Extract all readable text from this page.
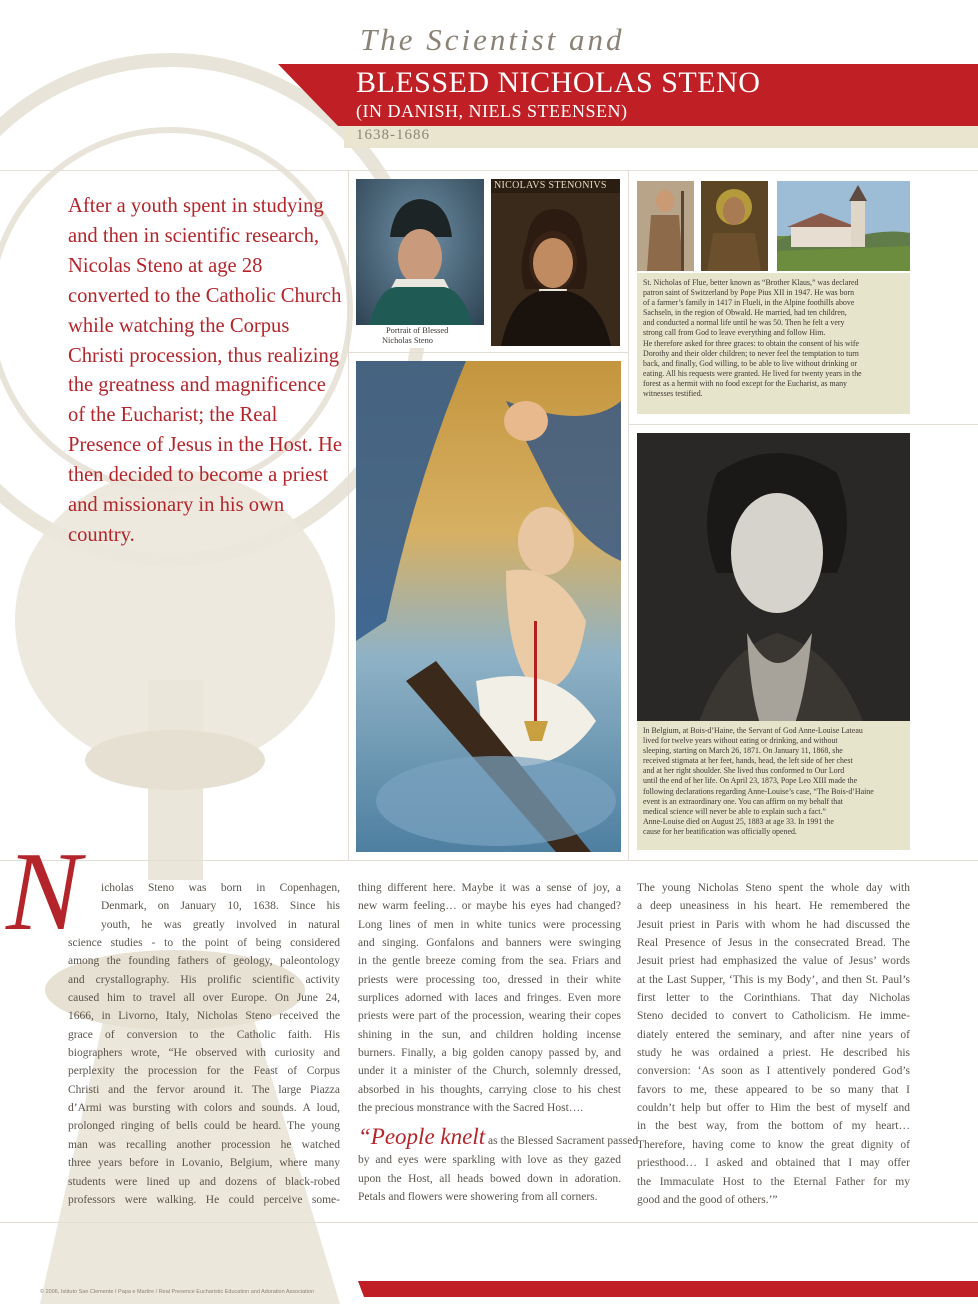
The Scientist and
BLESSED NICHOLAS STENO
(IN DANISH, NIELS STEENSEN)
1638-1686
After a youth spent in studying and then in scientific research, Nicolas Steno at age 28 converted to the Catholic Church while watching the Corpus Christi procession, thus realizing the greatness and magnificence of the Eucharist; the Real Presence of Jesus in the Host. He then decided to become a priest and missionary in his own country.
Portrait of Blessed
Nicholas Steno
NICOLAVS STENONIVS
St. Nicholas of Flue, better known as “Brother Klaus,” was declared
patron saint of Switzerland by Pope Pius XII in 1947. He was born
of a farmer’s family in 1417 in Flueli, in the Alpine foothills above
Sachseln, in the region of Obwald. He married, had ten children,
and conducted a normal life until he was 50. Then he felt a very
strong call from God to leave everything and follow Him.
He therefore asked for three graces: to obtain the consent of his wife
Dorothy and their older children; to never feel the temptation to turn
back, and finally, God willing, to be able to live without drinking or
eating. All his requests were granted. He lived for twenty years in the
forest as a hermit with no food except for the Eucharist, as many
witnesses testified.
In Belgium, at Bois-d’Haine, the Servant of God Anne-Louise Lateau
lived for twelve years without eating or drinking, and without
sleeping, starting on March 26, 1871. On January 11, 1868, she
received stigmata at her feet, hands, head, the left side of her chest
and at her right shoulder. She lived thus conformed to Our Lord
until the end of her life. On April 23, 1873, Pope Leo XIII made the
following declarations regarding Anne-Louise’s case, “The Bois-d’Haine
event is an extraordinary one. You can affirm on my behalf that
medical science will never be able to explain such a fact.”
Anne-Louise died on August 25, 1883 at age 33. In 1991 the
cause for her beatification was officially opened.
N icholas Steno was born in Copenhagen,
Denmark, on January 10, 1638. Since his
youth, he was greatly involved in natural
science studies - to the point of being considered
among the founding fathers of geology, paleontology
and crystallography. His prolific scientific activity
caused him to travel all over Europe. On June 24,
1666, in Livorno, Italy, Nicholas Steno received the
grace of conversion to the Catholic faith. His
biographers wrote, “He observed with curiosity and
perplexity the procession for the Feast of Corpus
Christi and the fervor around it. The large Piazza
d’Armi was bursting with colors and sounds. A loud,
prolonged ringing of bells could be heard. The young
man was recalling another procession he watched
three years before in Lovanio, Belgium, where many
students were lined up and dozens of black-robed
professors were walking. He could perceive some-
thing different here. Maybe it was a sense of joy, a
new warm feeling… or maybe his eyes had changed?
Long lines of men in white tunics were processing
and singing. Gonfalons and banners were swinging
in the gentle breeze coming from the sea. Friars and
priests were processing too, dressed in their white
surplices adorned with laces and fringes. Even more
priests were part of the procession, wearing their copes
shining in the sun, and children holding incense
burners. Finally, a big golden canopy passed by, and
under it a minister of the Church, solemnly dressed,
absorbed in his thoughts, carrying close to his chest
the precious monstrance with the Sacred Host….
“People knelt as the Blessed Sacrament passed
by and eyes were sparkling with love as they gazed
upon the Host, all heads bowed down in adoration.
Petals and flowers were showering from all corners.
The young Nicholas Steno spent the whole day with
a deep uneasiness in his heart. He remembered the
Jesuit priest in Paris with whom he had discussed the
Real Presence of Jesus in the consecrated Bread. The
Jesuit priest had emphasized the value of Jesus’ words
at the Last Supper, ‘This is my Body’, and then St. Paul’s
first letter to the Corinthians. That day Nicholas
Steno decided to convert to Catholicism. He imme-
diately entered the seminary, and after nine years of
study he was ordained a priest. He described his
conversion: ‘As soon as I attentively pondered God’s
favors to me, these appeared to be so many that I
couldn’t help but offer to Him the best of myself and
in the best way, from the bottom of my heart…
Therefore, having come to know the great dignity of
priesthood… I asked and obtained that I may offer
the Immaculate Host to the Eternal Father for my
good and the good of others.’”
© 2006, Istituto San Clemente I Papa e Martire / Real Presence Eucharistic Education and Adoration Association
